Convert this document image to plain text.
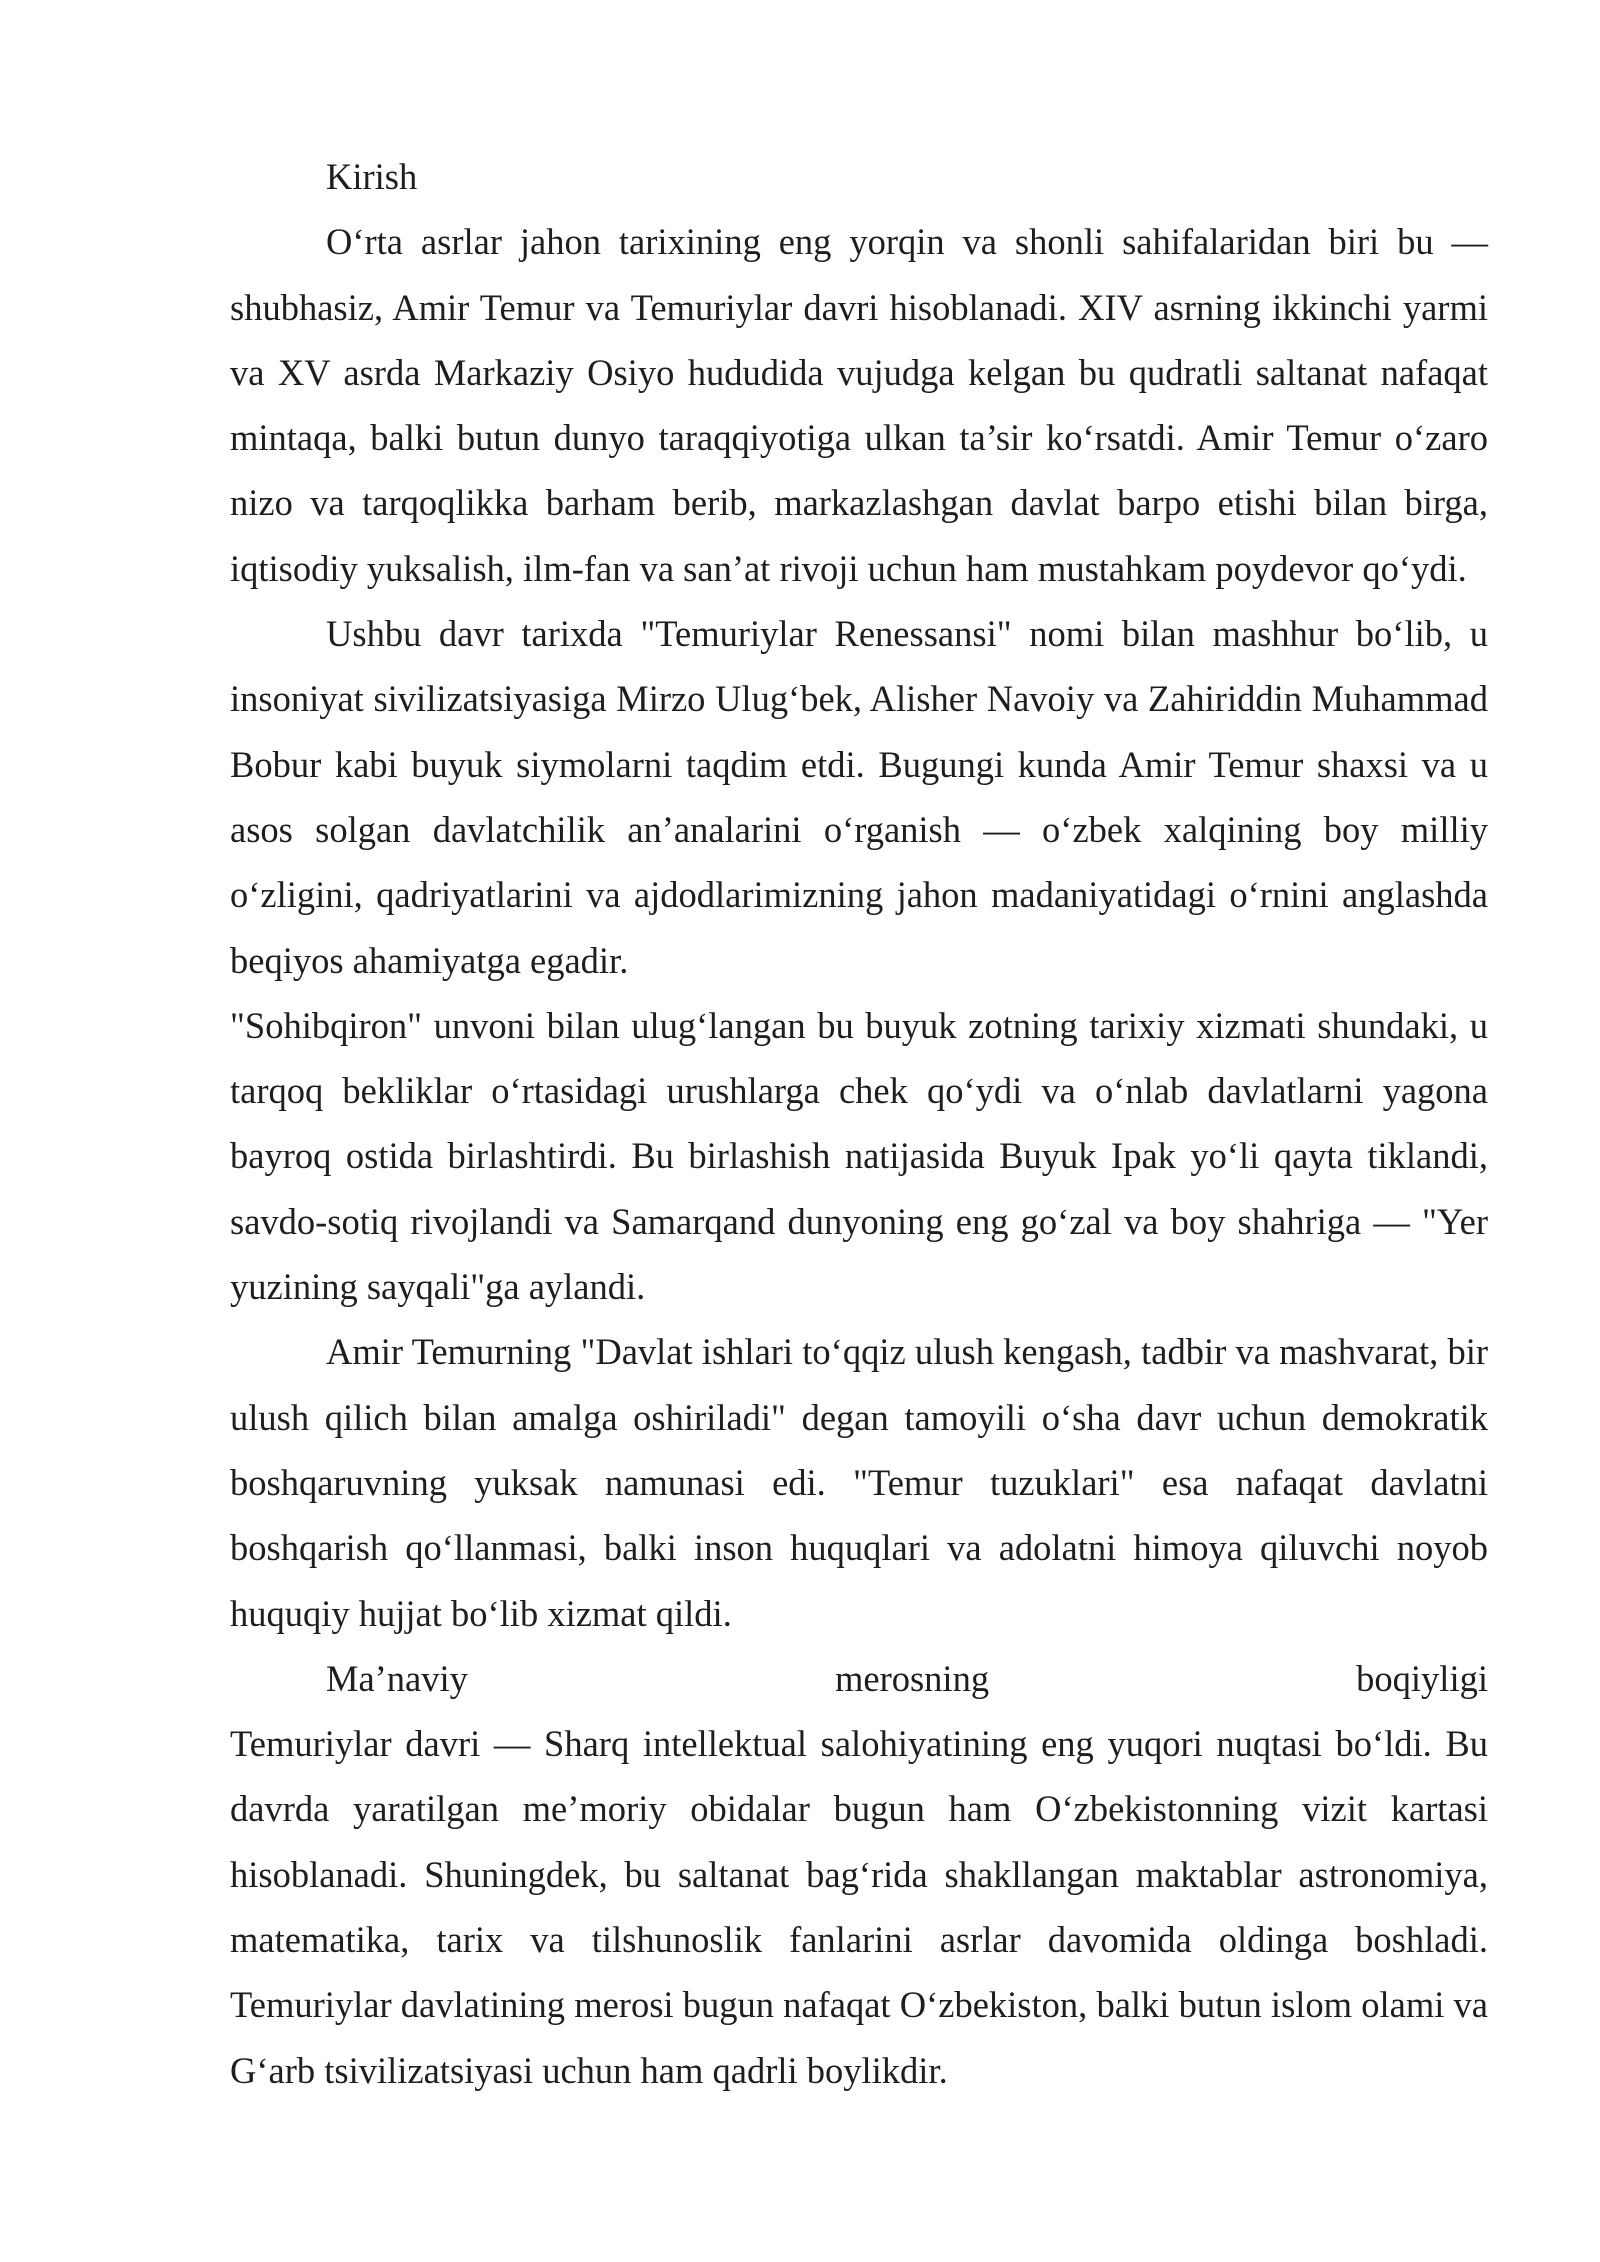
Kirish

O‘rta asrlar jahon tarixining eng yorqin va shonli sahifalaridan biri bu — shubhasiz, Amir Temur va Temuriylar davri hisoblanadi. XIV asrning ikkinchi yarmi va XV asrda Markaziy Osiyo hududida vujudga kelgan bu qudratli saltanat nafaqat mintaqa, balki butun dunyo taraqqiyotiga ulkan ta’sir ko‘rsatdi. Amir Temur o‘zaro nizo va tarqoqlikka barham berib, markazlashgan davlat barpo etishi bilan birga, iqtisodiy yuksalish, ilm-fan va san’at rivoji uchun ham mustahkam poydevor qo‘ydi.

Ushbu davr tarixda "Temuriylar Renessansi" nomi bilan mashhur bo‘lib, u insoniyat sivilizatsiyasiga Mirzo Ulug‘bek, Alisher Navoiy va Zahiriddin Muhammad Bobur kabi buyuk siymolarni taqdim etdi. Bugungi kunda Amir Temur shaxsi va u asos solgan davlatchilik an’analarini o‘rganish — o‘zbek xalqining boy milliy o‘zligini, qadriyatlarini va ajdodlarimizning jahon madaniyatidagi o‘rnini anglashda beqiyos ahamiyatga egadir.

"Sohibqiron" unvoni bilan ulug‘langan bu buyuk zotning tarixiy xizmati shundaki, u tarqoq bekliklar o‘rtasidagi urushlarga chek qo‘ydi va o‘nlab davlatlarni yagona bayroq ostida birlashtirdi. Bu birlashish natijasida Buyuk Ipak yo‘li qayta tiklandi, savdo-sotiq rivojlandi va Samarqand dunyoning eng go‘zal va boy shahriga — "Yer yuzining sayqali"ga aylandi.

Amir Temurning "Davlat ishlari to‘qqiz ulush kengash, tadbir va mashvarat, bir ulush qilich bilan amalga oshiriladi" degan tamoyili o‘sha davr uchun demokratik boshqaruvning yuksak namunasi edi. "Temur tuzuklari" esa nafaqat davlatni boshqarish qo‘llanmasi, balki inson huquqlari va adolatni himoya qiluvchi noyob huquqiy hujjat bo‘lib xizmat qildi.

Ma’naviy	merosning	boqiyligi

Temuriylar davri — Sharq intellektual salohiyatining eng yuqori nuqtasi bo‘ldi. Bu davrda yaratilgan me’moriy obidalar bugun ham O‘zbekistonning vizit kartasi hisoblanadi. Shuningdek, bu saltanat bag‘rida shakllangan maktablar astronomiya, matematika, tarix va tilshunoslik fanlarini asrlar davomida oldinga boshladi. Temuriylar davlatining merosi bugun nafaqat O‘zbekiston, balki butun islom olami va G‘arb tsivilizatsiyasi uchun ham qadrli boylikdir.
